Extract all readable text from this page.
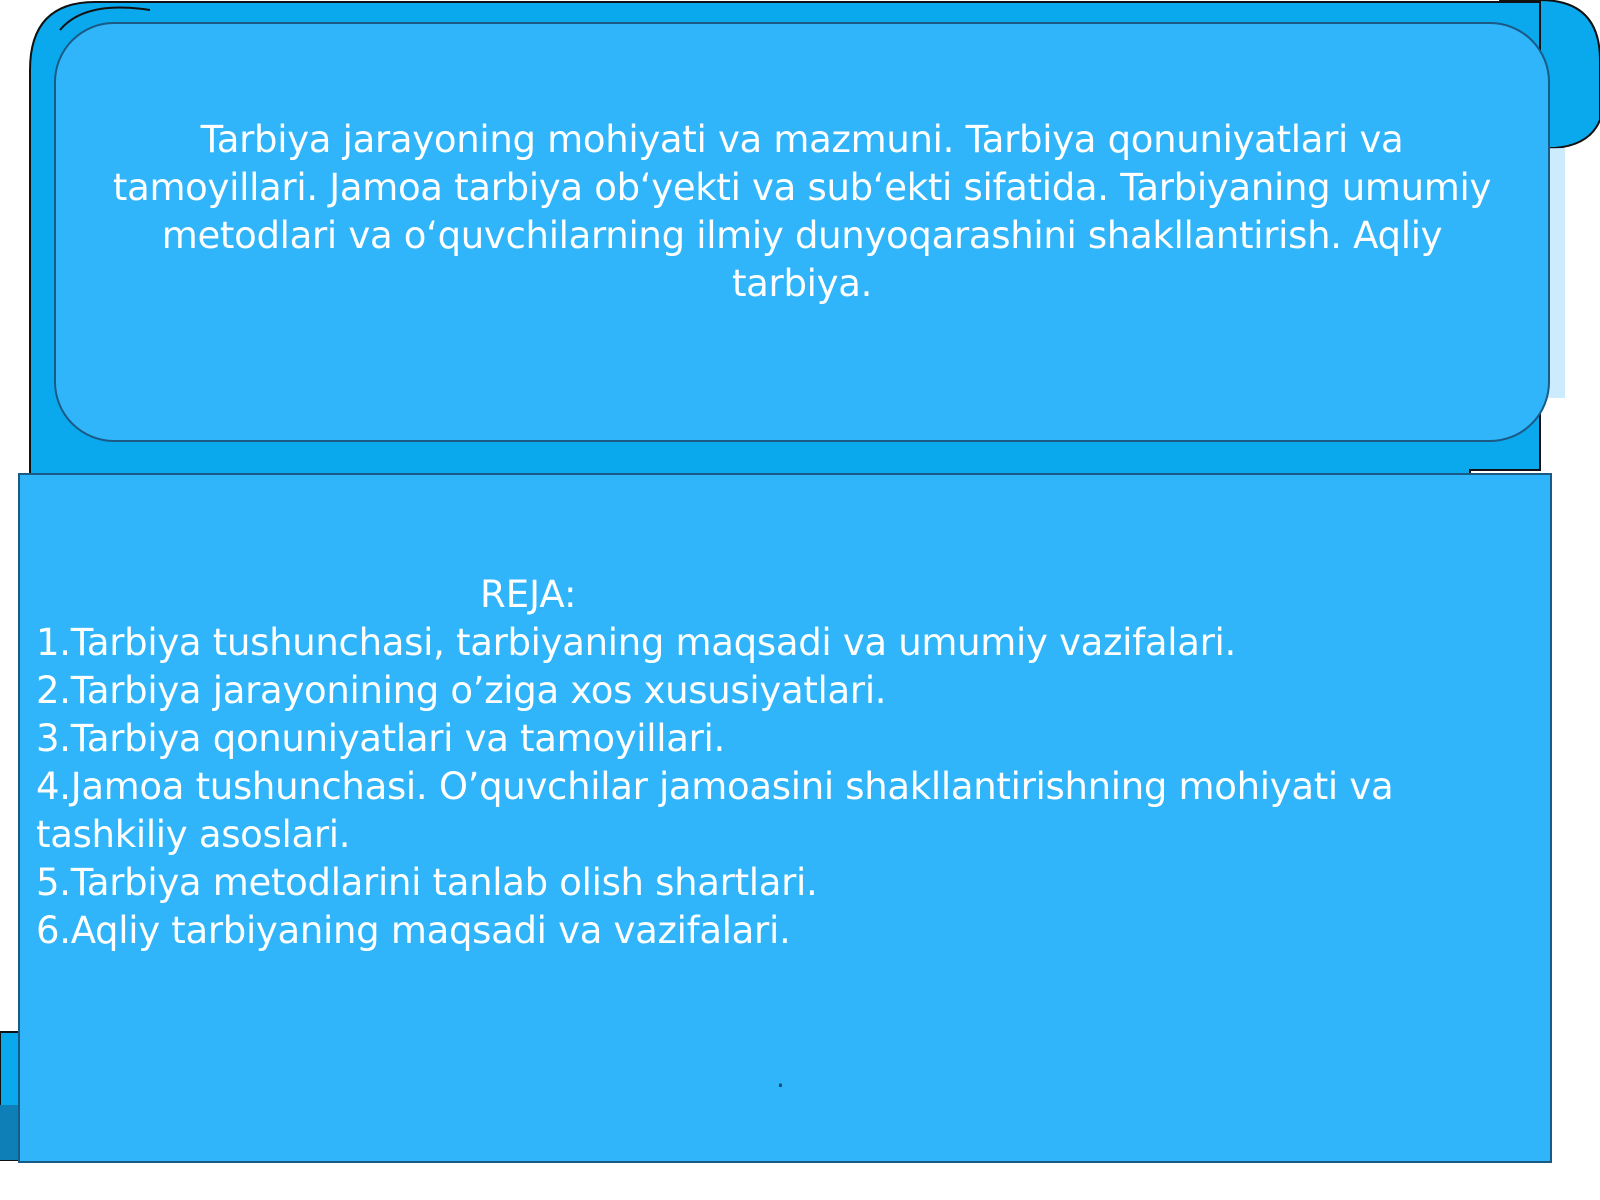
Tarbiya jarayoning mohiyati va mazmuni. Tarbiya qonuniyatlari va tamoyillari. Jamoa tarbiya ob‘yekti va sub‘ekti sifatida. Tarbiyaning umumiy metodlari va o‘quvchilarning ilmiy dunyoqarashini shakllantirish. Aqliy tarbiya.

REJA:
1.Tarbiya tushunchasi, tarbiyaning maqsadi va umumiy vazifalari.
2.Tarbiya jarayonining o’ziga xos xususiyatlari.
3.Tarbiya qonuniyatlari va tamoyillari.
4.Jamoa tushunchasi. O’quvchilar jamoasini shakllantirishning mohiyati va tashkiliy asoslari.
5.Tarbiya metodlarini tanlab olish shartlari.
6.Aqliy tarbiyaning maqsadi va vazifalari.
.
